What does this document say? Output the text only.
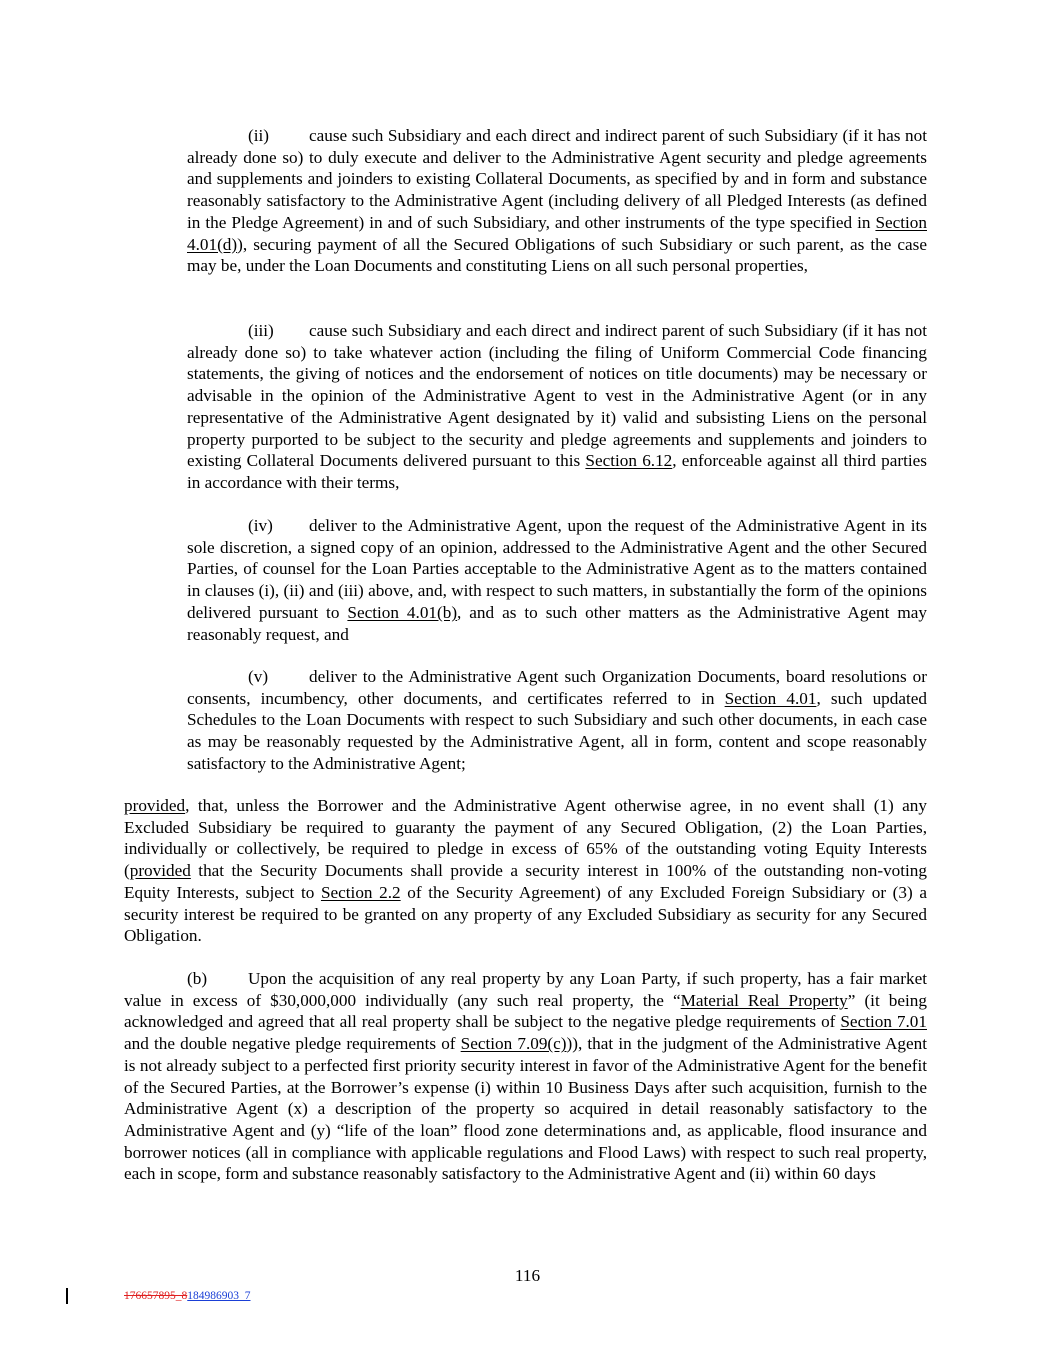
(ii) cause such Subsidiary and each direct and indirect parent of such Subsidiary (if it has not already done so) to duly execute and deliver to the Administrative Agent security and pledge agreements and supplements and joinders to existing Collateral Documents, as specified by and in form and substance reasonably satisfactory to the Administrative Agent (including delivery of all Pledged Interests (as defined in the Pledge Agreement) in and of such Subsidiary, and other instruments of the type specified in Section 4.01(d)), securing payment of all the Secured Obligations of such Subsidiary or such parent, as the case may be, under the Loan Documents and constituting Liens on all such personal properties,
(iii) cause such Subsidiary and each direct and indirect parent of such Subsidiary (if it has not already done so) to take whatever action (including the filing of Uniform Commercial Code financing statements, the giving of notices and the endorsement of notices on title documents) may be necessary or advisable in the opinion of the Administrative Agent to vest in the Administrative Agent (or in any representative of the Administrative Agent designated by it) valid and subsisting Liens on the personal property purported to be subject to the security and pledge agreements and supplements and joinders to existing Collateral Documents delivered pursuant to this Section 6.12, enforceable against all third parties in accordance with their terms,
(iv) deliver to the Administrative Agent, upon the request of the Administrative Agent in its sole discretion, a signed copy of an opinion, addressed to the Administrative Agent and the other Secured Parties, of counsel for the Loan Parties acceptable to the Administrative Agent as to the matters contained in clauses (i), (ii) and (iii) above, and, with respect to such matters, in substantially the form of the opinions delivered pursuant to Section 4.01(b), and as to such other matters as the Administrative Agent may reasonably request, and
(v) deliver to the Administrative Agent such Organization Documents, board resolutions or consents, incumbency, other documents, and certificates referred to in Section 4.01, such updated Schedules to the Loan Documents with respect to such Subsidiary and such other documents, in each case as may be reasonably requested by the Administrative Agent, all in form, content and scope reasonably satisfactory to the Administrative Agent;
provided, that, unless the Borrower and the Administrative Agent otherwise agree, in no event shall (1) any Excluded Subsidiary be required to guaranty the payment of any Secured Obligation, (2) the Loan Parties, individually or collectively, be required to pledge in excess of 65% of the outstanding voting Equity Interests (provided that the Security Documents shall provide a security interest in 100% of the outstanding non-voting Equity Interests, subject to Section 2.2 of the Security Agreement) of any Excluded Foreign Subsidiary or (3) a security interest be required to be granted on any property of any Excluded Subsidiary as security for any Secured Obligation.
(b) Upon the acquisition of any real property by any Loan Party, if such property, has a fair market value in excess of $30,000,000 individually (any such real property, the “Material Real Property” (it being acknowledged and agreed that all real property shall be subject to the negative pledge requirements of Section 7.01 and the double negative pledge requirements of Section 7.09(c))), that in the judgment of the Administrative Agent is not already subject to a perfected first priority security interest in favor of the Administrative Agent for the benefit of the Secured Parties, at the Borrower’s expense (i) within 10 Business Days after such acquisition, furnish to the Administrative Agent (x) a description of the property so acquired in detail reasonably satisfactory to the Administrative Agent and (y) “life of the loan” flood zone determinations and, as applicable, flood insurance and borrower notices (all in compliance with applicable regulations and Flood Laws) with respect to such real property, each in scope, form and substance reasonably satisfactory to the Administrative Agent and (ii) within 60 days
116
176657895_8184986903_7
